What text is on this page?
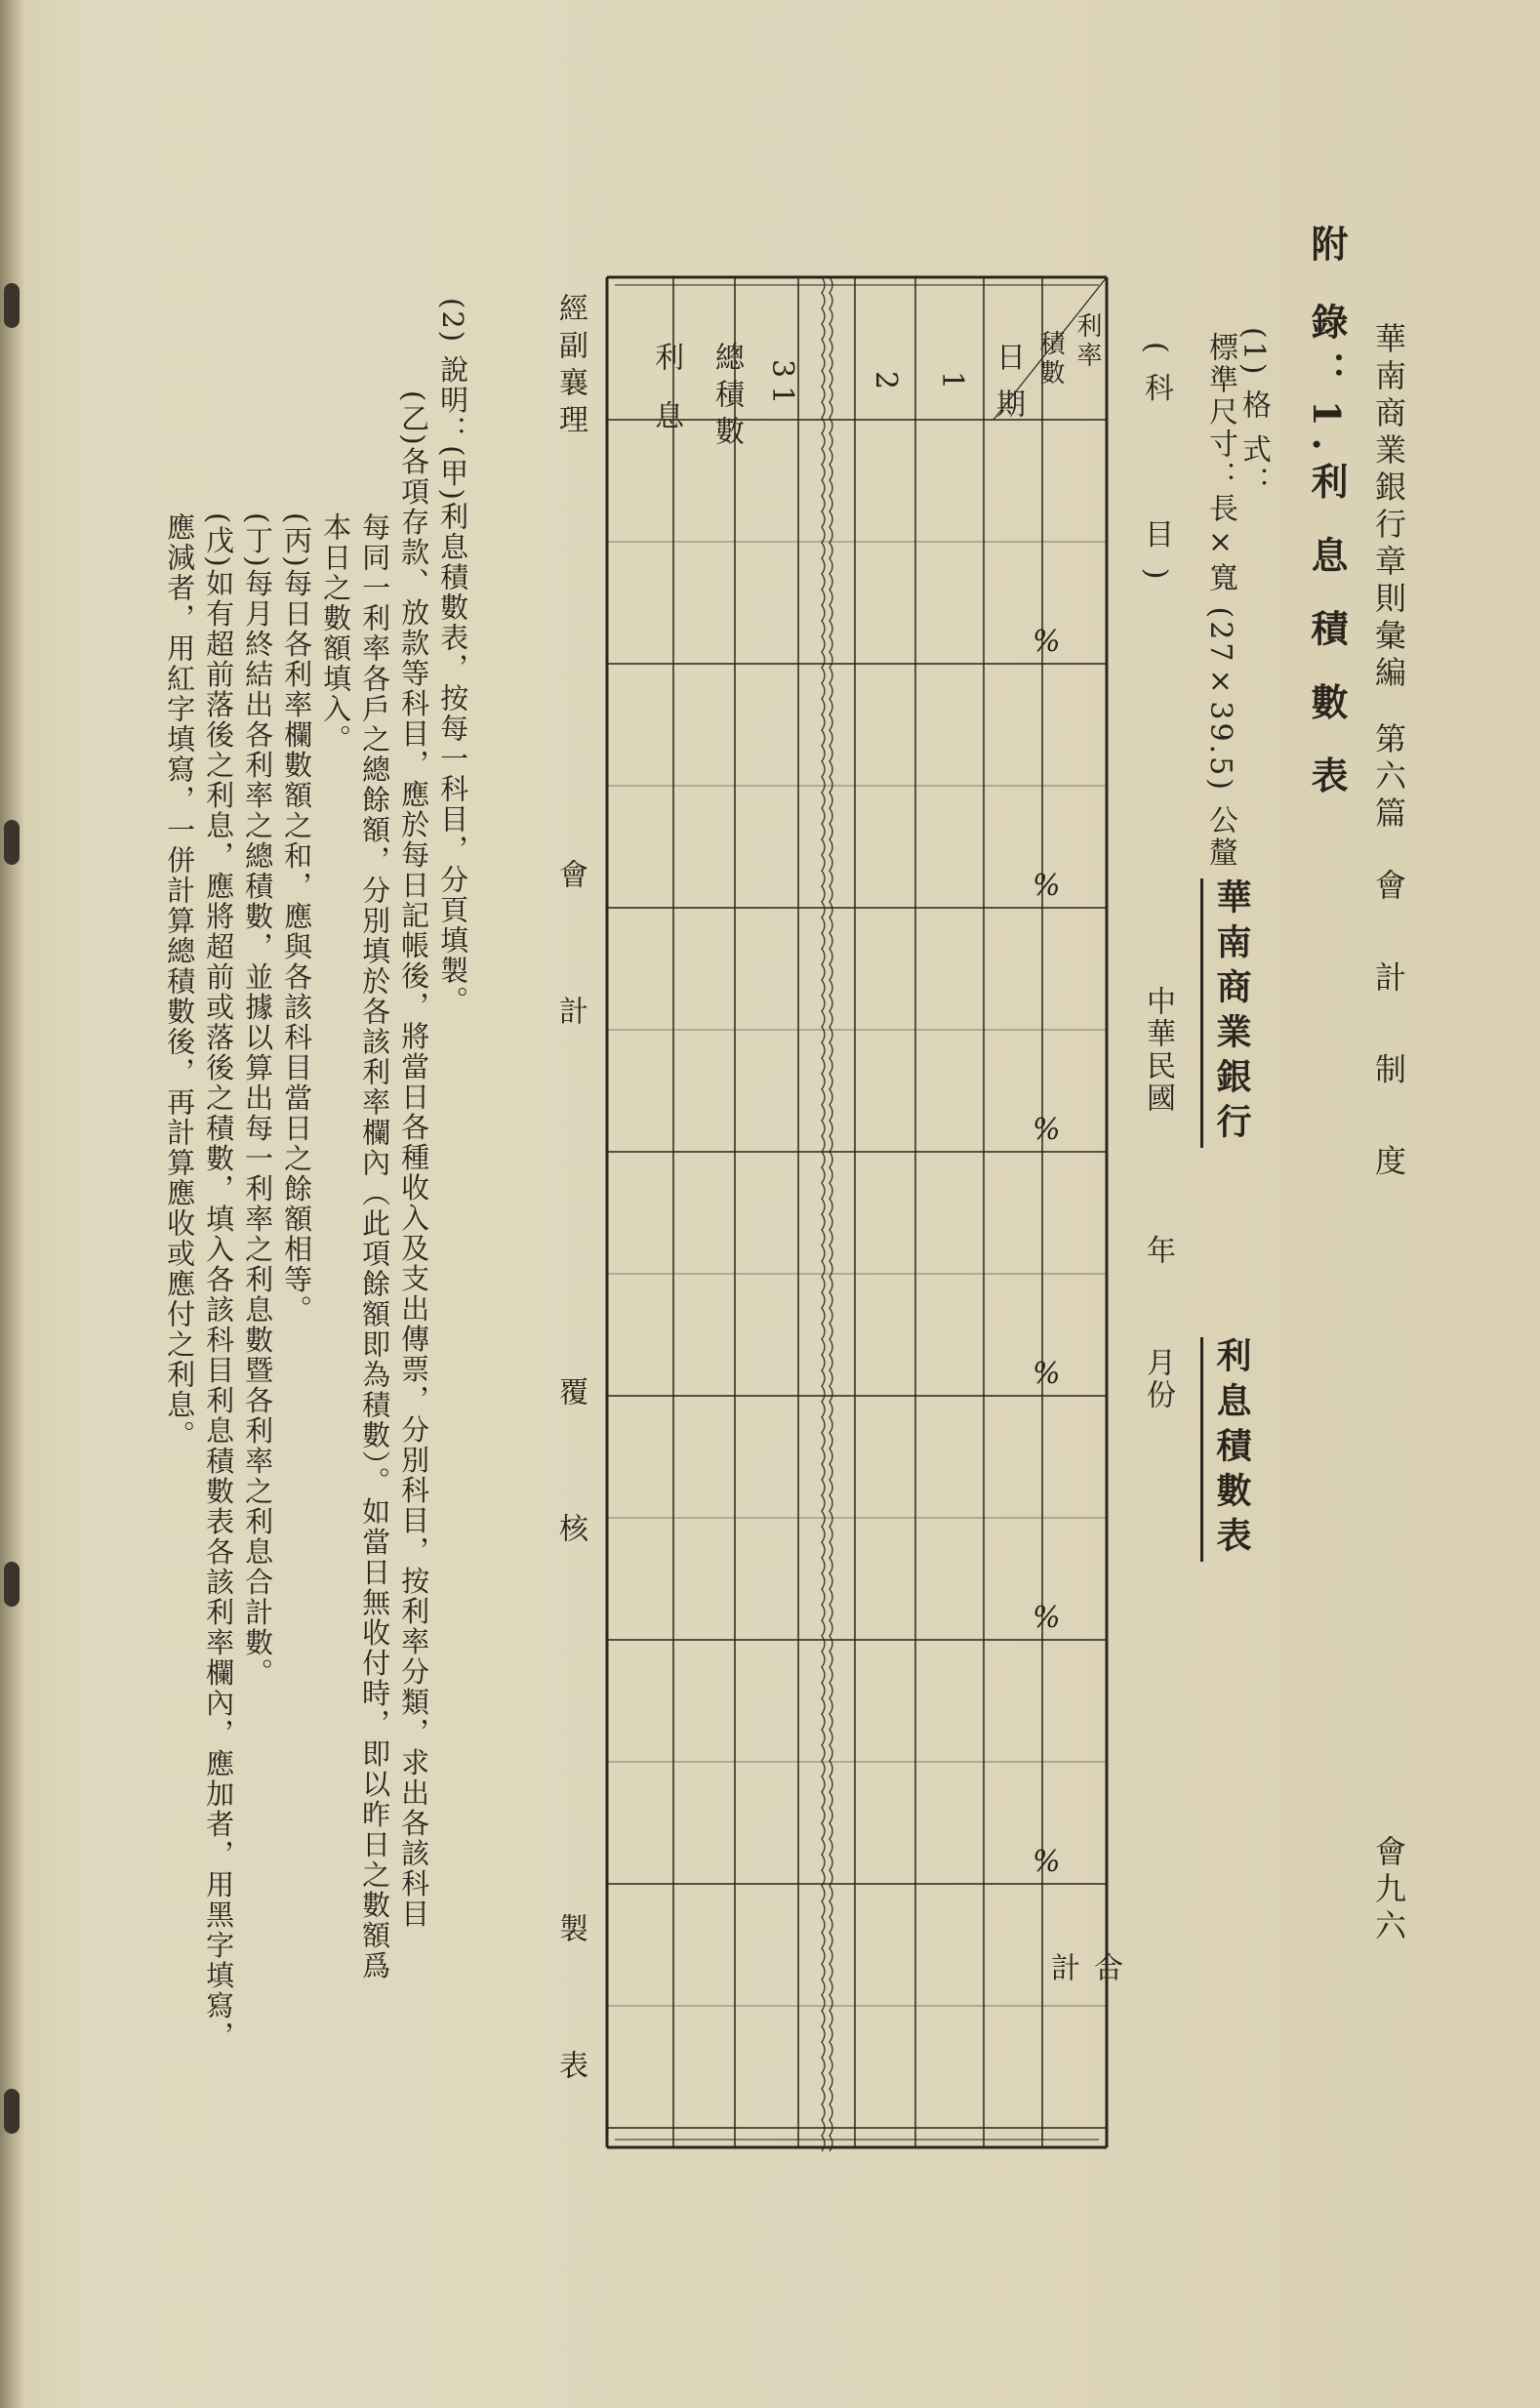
華南商業銀行章則彙編
第六篇
會 計 制 度
會九六
附
錄：1.利 息 積 數 表
(1) 格 式：
標準尺寸：長×寬 (27×39.5) 公釐
(科　　目)
華南商業銀行
利息積數表
中華民國
年
月份
利率
積數
日期
1
2
31
總積數
利息
%
%
%
%
%
%
合　　計
經副襄理
會　計
覆　核
製　表
(2) 說明：(甲)利息積數表，按每一科目，分頁填製。
(乙)各項存款、放款等科目，應於每日記帳後，將當日各種收入及支出傳票，分別科目，按利率分類，求出各該科目
每同一利率各戶之總餘額，分別填於各該利率欄內（此項餘額即為積數）。如當日無收付時，即以昨日之數額爲
本日之數額填入。
(丙)每日各利率欄數額之和，應與各該科目當日之餘額相等。
(丁)每月終結出各利率之總積數，並據以算出每一利率之利息數暨各利率之利息合計數。
(戊)如有超前落後之利息，應將超前或落後之積數，填入各該科目利息積數表各該利率欄內，應加者，用黑字填寫，
應減者，用紅字填寫，一併計算總積數後，再計算應收或應付之利息。
